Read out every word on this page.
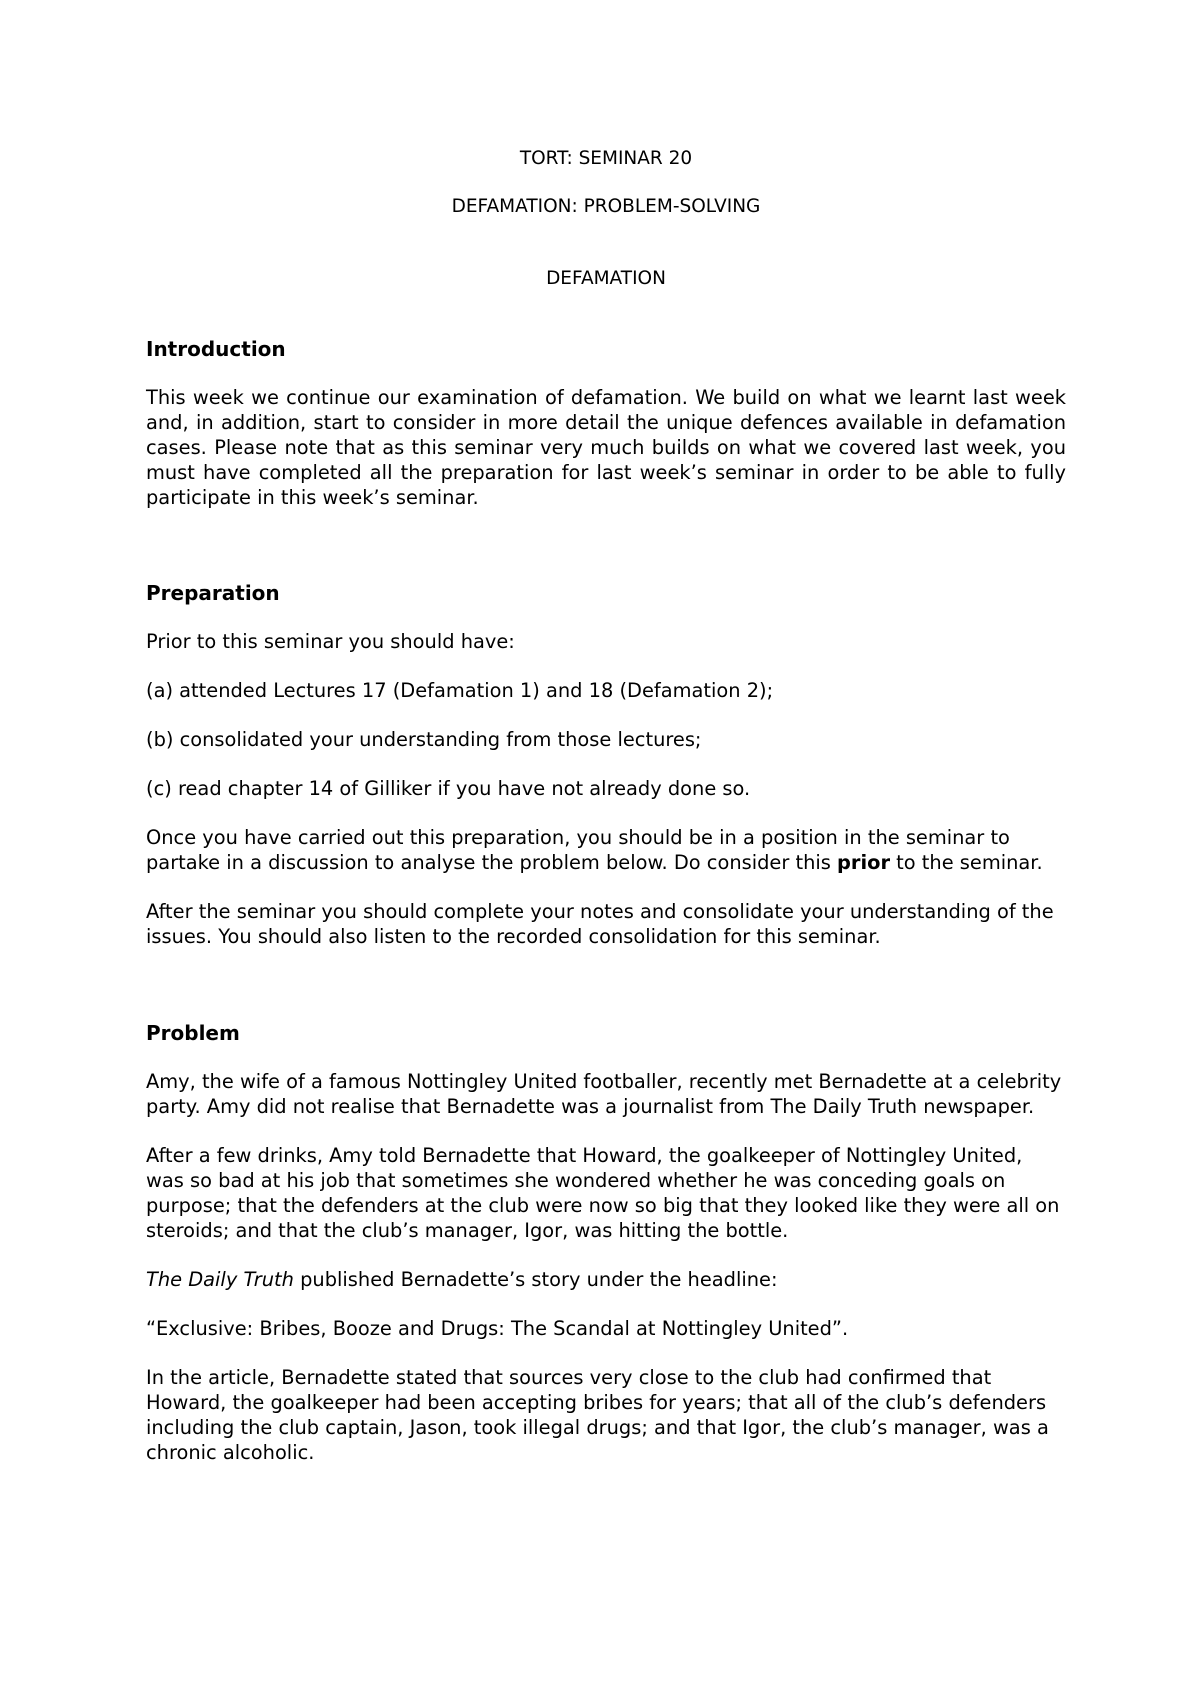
TORT: SEMINAR 20

DEFAMATION: PROBLEM-SOLVING

DEFAMATION

Introduction

This week we continue our examination of defamation. We build on what we learnt last week and, in addition, start to consider in more detail the unique defences available in defamation cases. Please note that as this seminar very much builds on what we covered last week, you must have completed all the preparation for last week’s seminar in order to be able to fully participate in this week’s seminar.

Preparation

Prior to this seminar you should have:

(a) attended Lectures 17 (Defamation 1) and 18 (Defamation 2);

(b) consolidated your understanding from those lectures;

(c) read chapter 14 of Gilliker if you have not already done so.

Once you have carried out this preparation, you should be in a position in the seminar to partake in a discussion to analyse the problem below. Do consider this prior to the seminar.

After the seminar you should complete your notes and consolidate your understanding of the issues. You should also listen to the recorded consolidation for this seminar.

Problem

Amy, the wife of a famous Nottingley United footballer, recently met Bernadette at a celebrity party. Amy did not realise that Bernadette was a journalist from The Daily Truth newspaper.

After a few drinks, Amy told Bernadette that Howard, the goalkeeper of Nottingley United, was so bad at his job that sometimes she wondered whether he was conceding goals on purpose; that the defenders at the club were now so big that they looked like they were all on steroids; and that the club’s manager, Igor, was hitting the bottle.

The Daily Truth published Bernadette’s story under the headline:

“Exclusive: Bribes, Booze and Drugs: The Scandal at Nottingley United”.

In the article, Bernadette stated that sources very close to the club had confirmed that Howard, the goalkeeper had been accepting bribes for years; that all of the club’s defenders including the club captain, Jason, took illegal drugs; and that Igor, the club’s manager, was a chronic alcoholic.
